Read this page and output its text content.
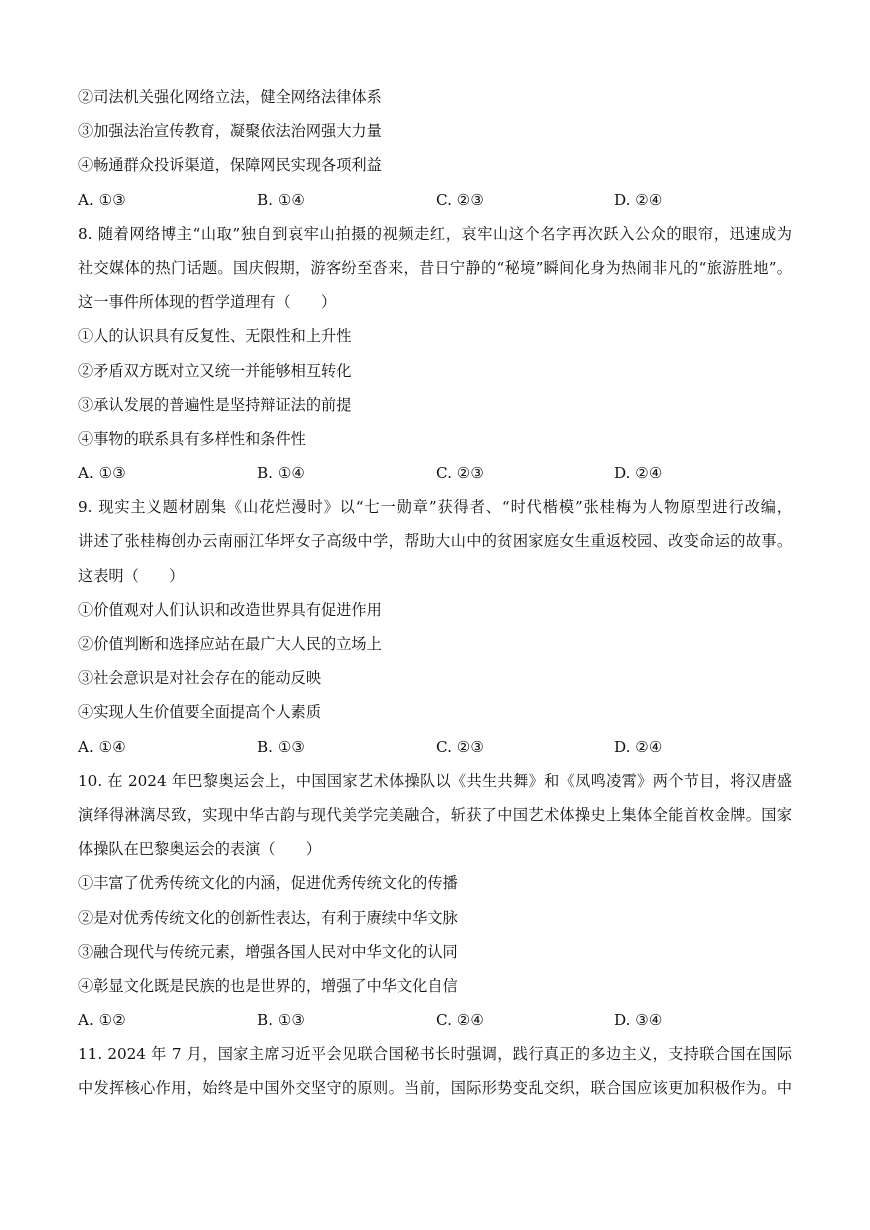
②司法机关强化网络立法，健全网络法律体系
③加强法治宣传教育，凝聚依法治网强大力量
④畅通群众投诉渠道，保障网民实现各项利益
A. ①③	B. ①④	C. ②③	D. ②④
8. 随着网络博主“山取”独自到哀牢山拍摄的视频走红，哀牢山这个名字再次跃入公众的眼帘，迅速成为
社交媒体的热门话题。国庆假期，游客纷至沓来，昔日宁静的“秘境”瞬间化身为热闹非凡的“旅游胜地”。
这一事件所体现的哲学道理有（　　）
①人的认识具有反复性、无限性和上升性
②矛盾双方既对立又统一并能够相互转化
③承认发展的普遍性是坚持辩证法的前提
④事物的联系具有多样性和条件性
A. ①③	B. ①④	C. ②③	D. ②④
9. 现实主义题材剧集《山花烂漫时》以“七一勋章”获得者、“时代楷模”张桂梅为人物原型进行改编，
讲述了张桂梅创办云南丽江华坪女子高级中学，帮助大山中的贫困家庭女生重返校园、改变命运的故事。
这表明（　　）
①价值观对人们认识和改造世界具有促进作用
②价值判断和选择应站在最广大人民的立场上
③社会意识是对社会存在的能动反映
④实现人生价值要全面提高个人素质
A. ①④	B. ①③	C. ②③	D. ②④
10. 在 2024 年巴黎奥运会上，中国国家艺术体操队以《共生共舞》和《凤鸣凌霄》两个节目，将汉唐盛
演绎得淋漓尽致，实现中华古韵与现代美学完美融合，斩获了中国艺术体操史上集体全能首枚金牌。国家
体操队在巴黎奥运会的表演（　　）
①丰富了优秀传统文化的内涵，促进优秀传统文化的传播
②是对优秀传统文化的创新性表达，有利于赓续中华文脉
③融合现代与传统元素，增强各国人民对中华文化的认同
④彰显文化既是民族的也是世界的，增强了中华文化自信
A. ①②	B. ①③	C. ②④	D. ③④
11. 2024 年 7 月，国家主席习近平会见联合国秘书长时强调，践行真正的多边主义，支持联合国在国际
中发挥核心作用，始终是中国外交坚守的原则。当前，国际形势变乱交织，联合国应该更加积极作为。中
